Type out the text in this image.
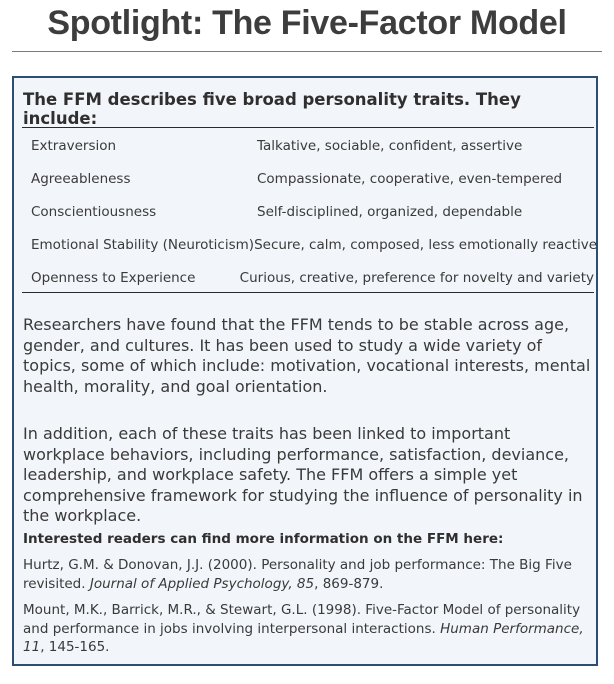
Spotlight: The Five-Factor Model
The FFM describes five broad personality traits. They include:
Extraversion	Talkative, sociable, confident, assertive
Agreeableness	Compassionate, cooperative, even-tempered
Conscientiousness	Self-disciplined, organized, dependable
Emotional Stability (Neuroticism) Secure, calm, composed, less emotionally reactive
Openness to Experience	Curious, creative, preference for novelty and variety
Researchers have found that the FFM tends to be stable across age, gender, and cultures. It has been used to study a wide variety of topics, some of which include: motivation, vocational interests, mental health, morality, and goal orientation.
In addition, each of these traits has been linked to important workplace behaviors, including performance, satisfaction, deviance, leadership, and workplace safety. The FFM offers a simple yet comprehensive framework for studying the influence of personality in the workplace.
Interested readers can find more information on the FFM here:
Hurtz, G.M. & Donovan, J.J. (2000). Personality and job performance: The Big Five revisited. Journal of Applied Psychology, 85, 869-879.
Mount, M.K., Barrick, M.R., & Stewart, G.L. (1998). Five-Factor Model of personality and performance in jobs involving interpersonal interactions. Human Performance, 11, 145-165.
